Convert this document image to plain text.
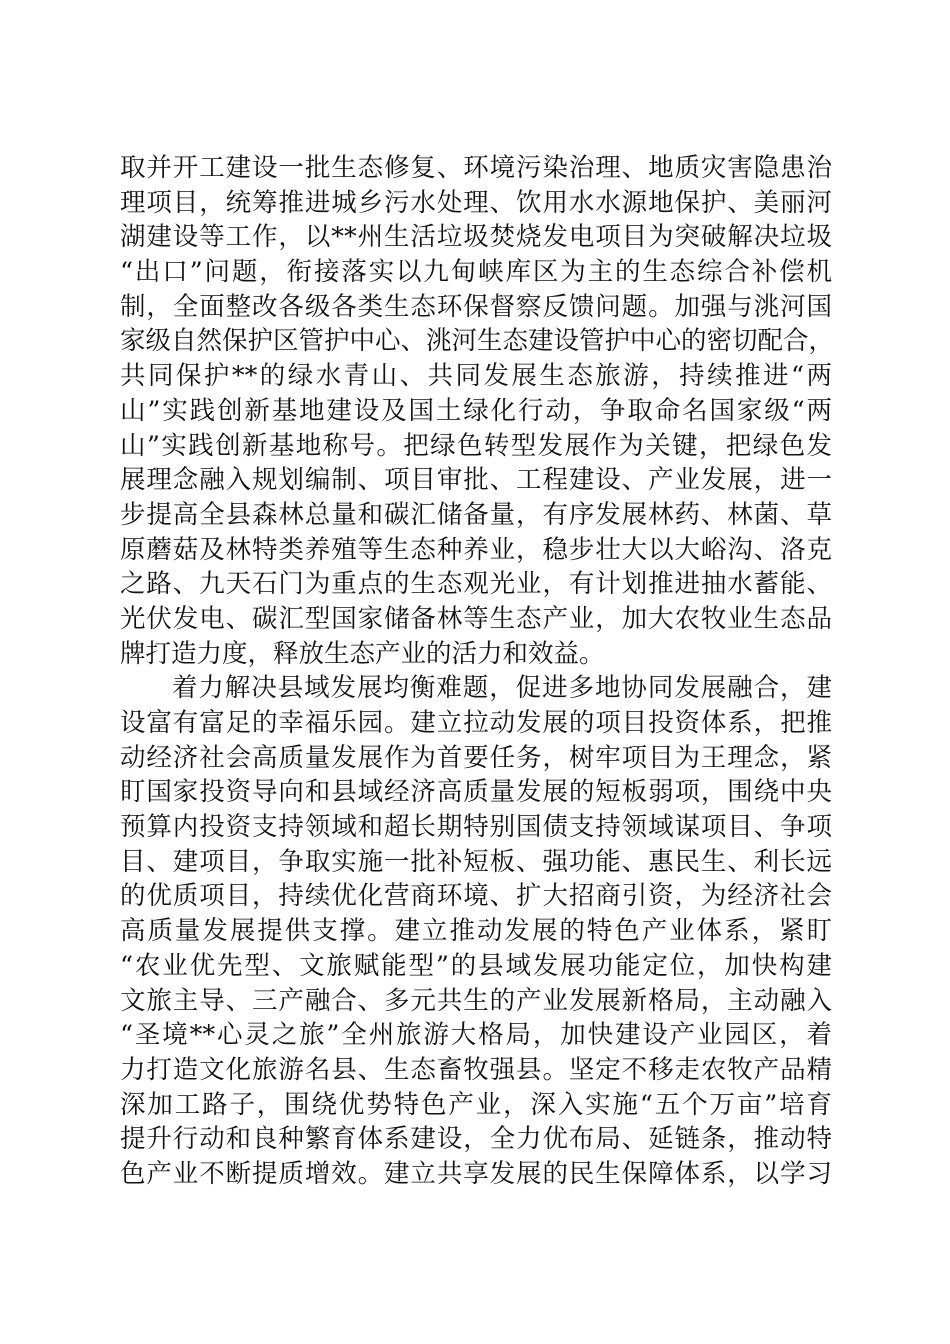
取并开工建设一批生态修复、环境污染治理、地质灾害隐患治
理项目，统筹推进城乡污水处理、饮用水水源地保护、美丽河
湖建设等工作，以**州生活垃圾焚烧发电项目为突破解决垃圾
“出口”问题，衔接落实以九甸峡库区为主的生态综合补偿机
制，全面整改各级各类生态环保督察反馈问题。加强与洮河国
家级自然保护区管护中心、洮河生态建设管护中心的密切配合，
共同保护**的绿水青山、共同发展生态旅游，持续推进“两
山”实践创新基地建设及国土绿化行动，争取命名国家级“两
山”实践创新基地称号。把绿色转型发展作为关键，把绿色发
展理念融入规划编制、项目审批、工程建设、产业发展，进一
步提高全县森林总量和碳汇储备量，有序发展林药、林菌、草
原蘑菇及林特类养殖等生态种养业，稳步壮大以大峪沟、洛克
之路、九天石门为重点的生态观光业，有计划推进抽水蓄能、
光伏发电、碳汇型国家储备林等生态产业，加大农牧业生态品
牌打造力度，释放生态产业的活力和效益。
着力解决县域发展均衡难题，促进多地协同发展融合，建
设富有富足的幸福乐园。建立拉动发展的项目投资体系，把推
动经济社会高质量发展作为首要任务，树牢项目为王理念，紧
盯国家投资导向和县域经济高质量发展的短板弱项，围绕中央
预算内投资支持领域和超长期特别国债支持领域谋项目、争项
目、建项目，争取实施一批补短板、强功能、惠民生、利长远
的优质项目，持续优化营商环境、扩大招商引资，为经济社会
高质量发展提供支撑。建立推动发展的特色产业体系，紧盯
“农业优先型、文旅赋能型”的县域发展功能定位，加快构建
文旅主导、三产融合、多元共生的产业发展新格局，主动融入
“圣境**心灵之旅”全州旅游大格局，加快建设产业园区，着
力打造文化旅游名县、生态畜牧强县。坚定不移走农牧产品精
深加工路子，围绕优势特色产业，深入实施“五个万亩”培育
提升行动和良种繁育体系建设，全力优布局、延链条，推动特
色产业不断提质增效。建立共享发展的民生保障体系，以学习
